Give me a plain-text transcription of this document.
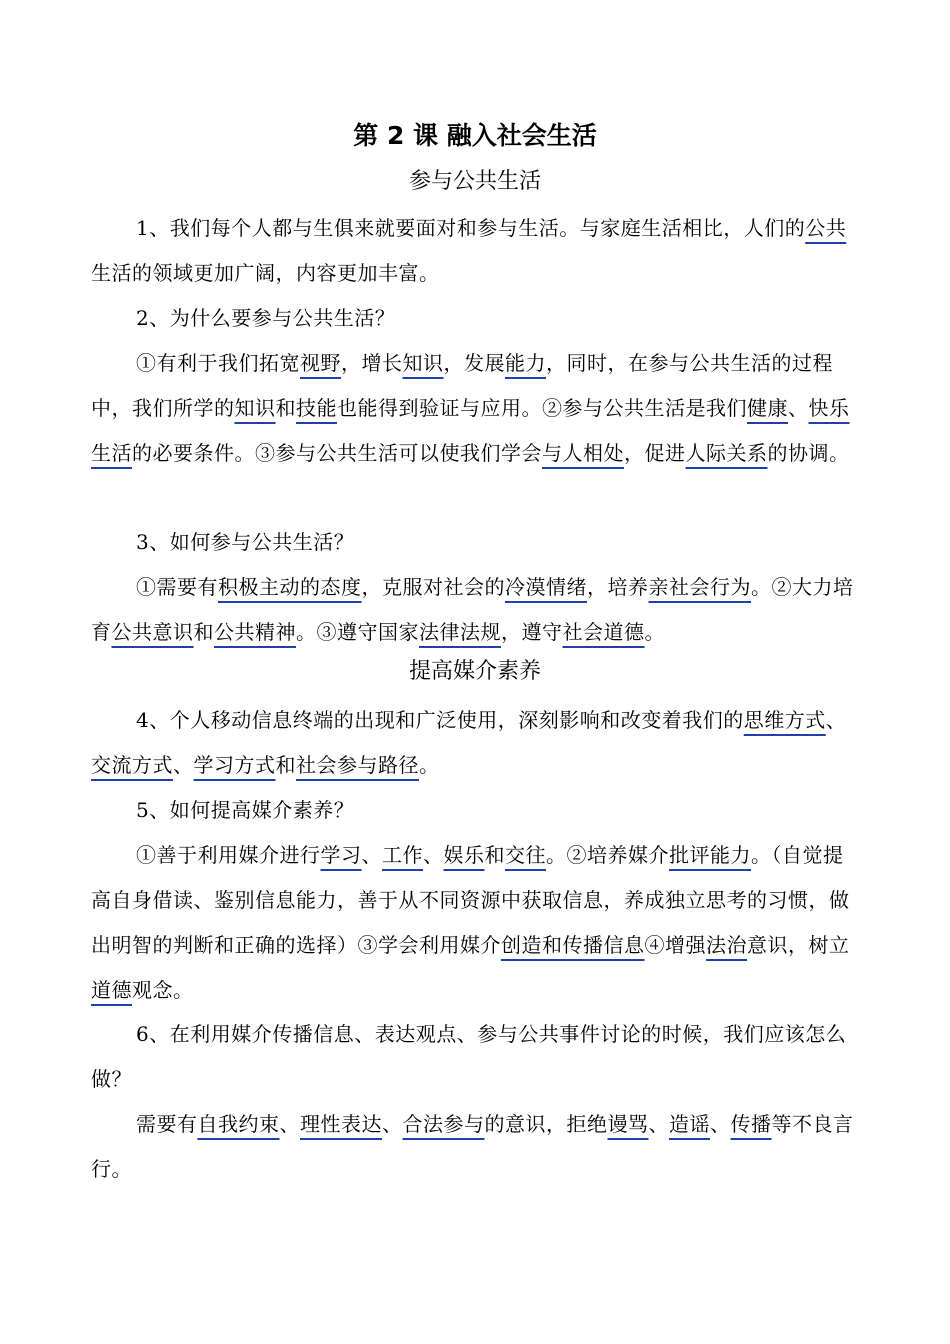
第 2 课 融入社会生活
参与公共生活
1、我们每个人都与生俱来就要面对和参与生活。与家庭生活相比，人们的公共生活的领域更加广阔，内容更加丰富。
2、为什么要参与公共生活？
①有利于我们拓宽视野，增长知识，发展能力，同时，在参与公共生活的过程中，我们所学的知识和技能也能得到验证与应用。②参与公共生活是我们健康、快乐生活的必要条件。③参与公共生活可以使我们学会与人相处，促进人际关系的协调。
3、如何参与公共生活？
①需要有积极主动的态度，克服对社会的冷漠情绪，培养亲社会行为。②大力培育公共意识和公共精神。③遵守国家法律法规，遵守社会道德。
提高媒介素养
4、个人移动信息终端的出现和广泛使用，深刻影响和改变着我们的思维方式、交流方式、学习方式和社会参与路径。
5、如何提高媒介素养？
①善于利用媒介进行学习、工作、娱乐和交往。②培养媒介批评能力。（自觉提高自身借读、鉴别信息能力，善于从不同资源中获取信息，养成独立思考的习惯，做出明智的判断和正确的选择）③学会利用媒介创造和传播信息④增强法治意识，树立道德观念。
6、在利用媒介传播信息、表达观点、参与公共事件讨论的时候，我们应该怎么做？
需要有自我约束、理性表达、合法参与的意识，拒绝谩骂、造谣、传播等不良言行。
